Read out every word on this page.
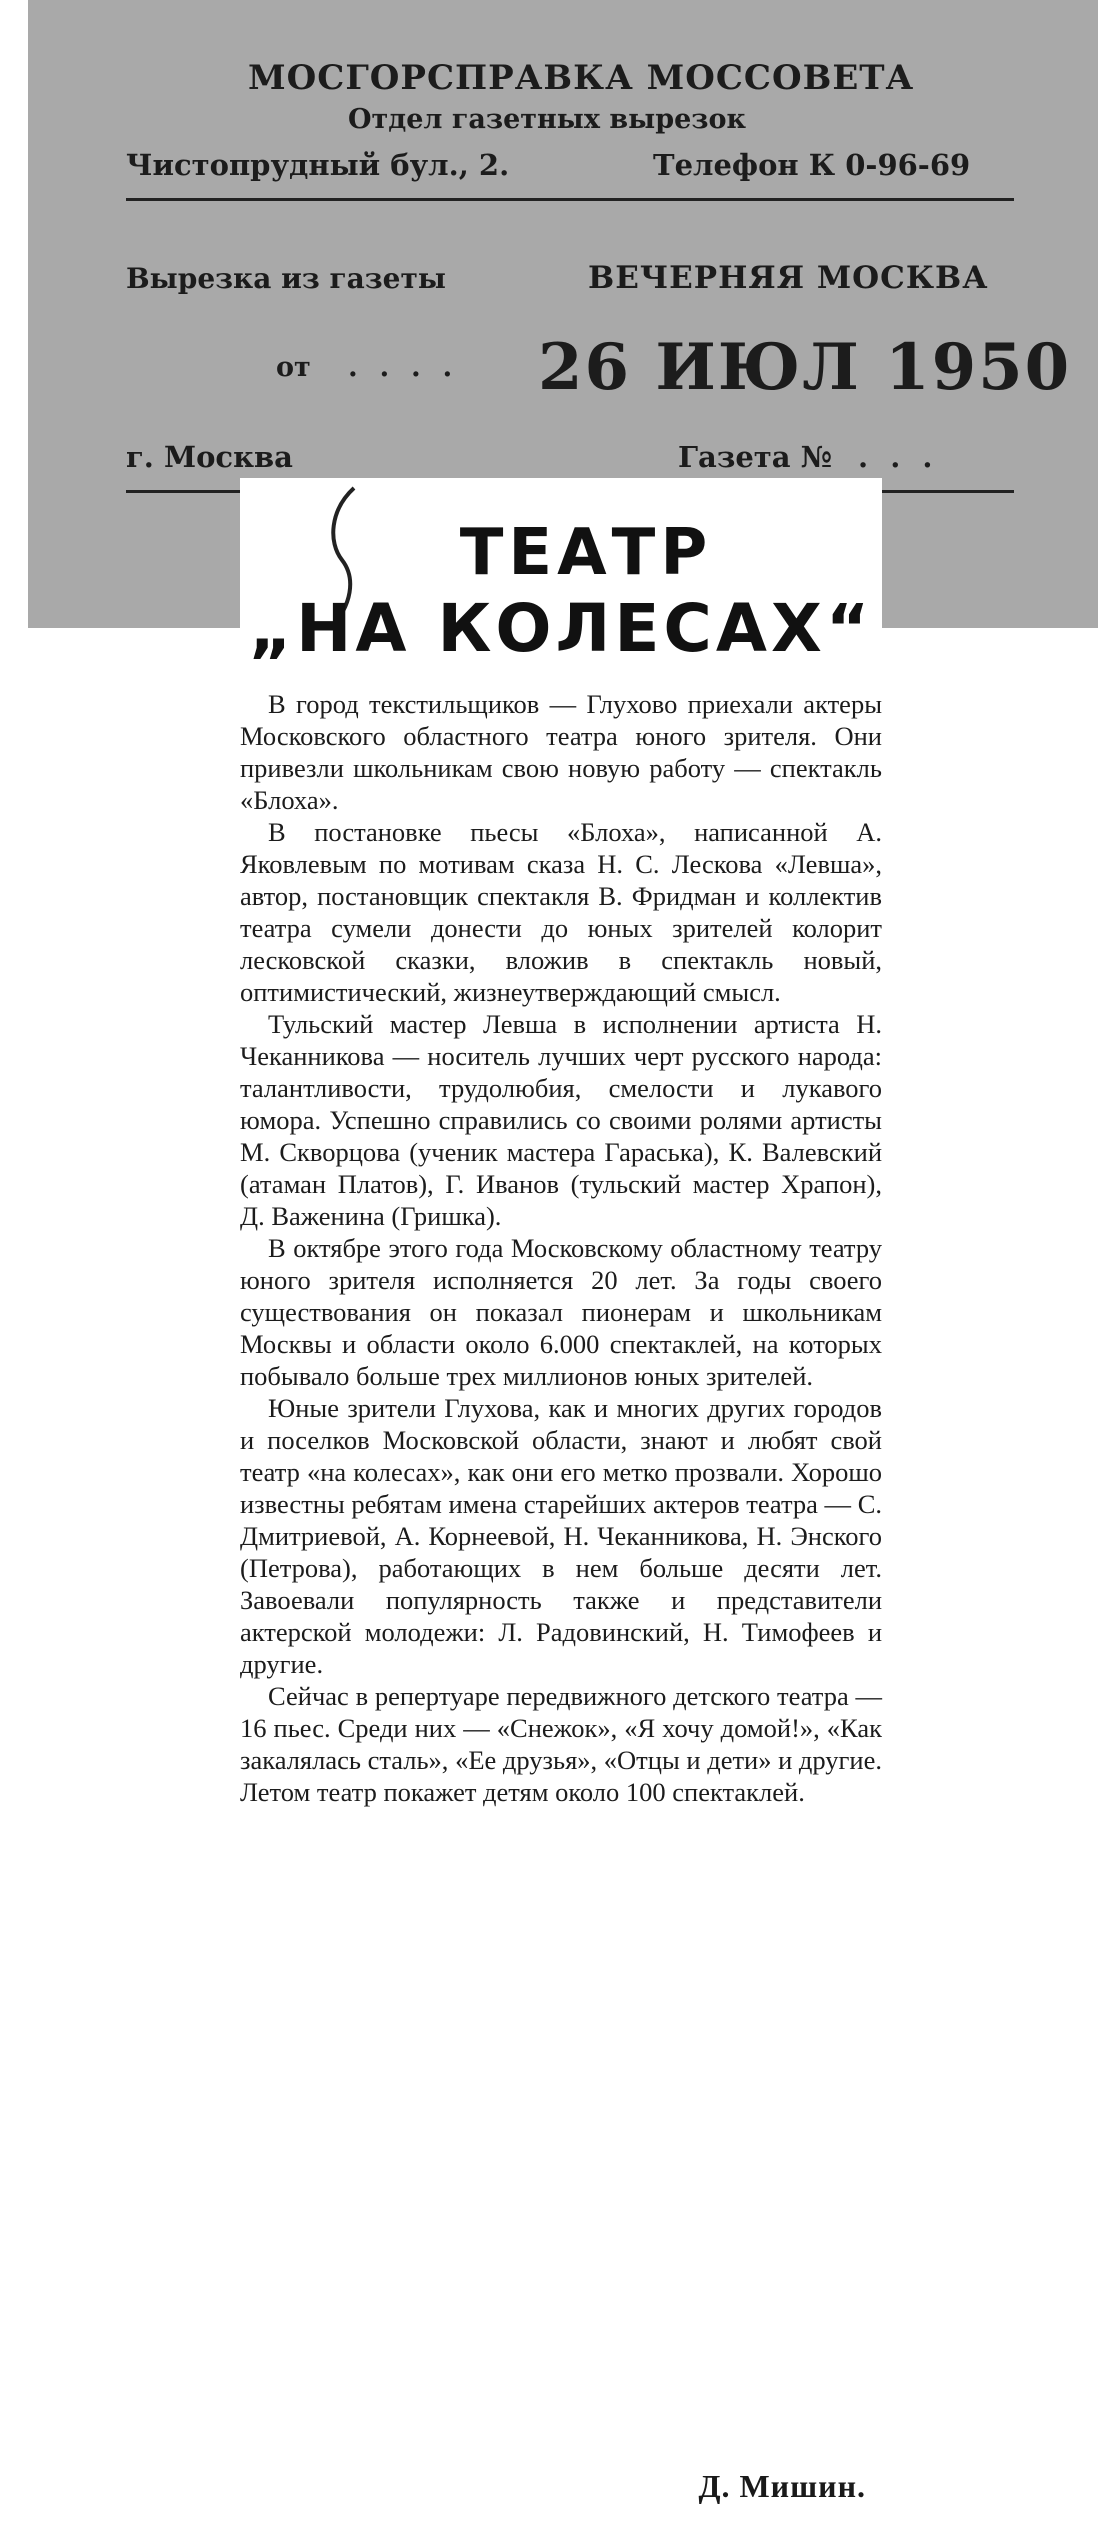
МОСГОРСПРАВКА МОССОВЕТА
Отдел газетных вырезок
Чистопрудный бул., 2.	Телефон К 0-96-69
Вырезка из газеты	ВЕЧЕРНЯЯ МОСКВА
от . . . . 26 ИЮЛ 1950
г. Москва	Газета № . . .
ТЕАТР
„НА КОЛЕСАХ“

В город текстильщиков — Глухово приехали актеры Московского областного театра юного зрителя. Они привезли школьникам свою новую работу — спектакль «Блоха».

В постановке пьесы «Блоха», написанной А. Яковлевым по мотивам сказа Н. С. Лескова «Левша», автор, постановщик спектакля В. Фридман и коллектив театра сумели донести до юных зрителей колорит лесковской сказки, вложив в спектакль новый, оптимистический, жизнеутверждающий смысл.

Тульский мастер Левша в исполнении артиста Н. Чеканникова — носитель лучших черт русского народа: талантливости, трудолюбия, смелости и лукавого юмора. Успешно справились со своими ролями артисты М. Скворцова (ученик мастера Гараська), К. Валевский (атаман Платов), Г. Иванов (тульский мастер Храпон), Д. Важенина (Гришка).

В октябре этого года Московскому областному театру юного зрителя исполняется 20 лет. За годы своего существования он показал пионерам и школьникам Москвы и области около 6.000 спектаклей, на которых побывало больше трех миллионов юных зрителей.

Юные зрители Глухова, как и многих других городов и поселков Московской области, знают и любят свой театр «на колесах», как они его метко прозвали. Хорошо известны ребятам имена старейших актеров театра — С. Дмитриевой, А. Корнеевой, Н. Чеканникова, Н. Энского (Петрова), работающих в нем больше десяти лет. Завоевали популярность также и представители актерской молодежи: Л. Радовинский, Н. Тимофеев и другие.

Сейчас в репертуаре передвижного детского театра — 16 пьес. Среди них — «Снежок», «Я хочу домой!», «Как закалялась сталь», «Ее друзья», «Отцы и дети» и другие. Летом театр покажет детям около 100 спектаклей.

Д. Мишин.
